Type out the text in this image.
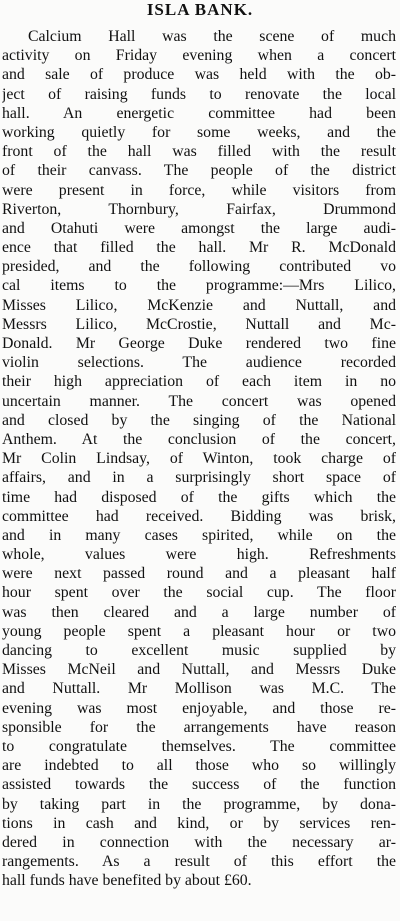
ISLA BANK.
Calcium Hall was the scene of much
activity on Friday evening when a concert
and sale of produce was held with the ob-
ject of raising funds to renovate the local
hall. An energetic committee had been
working quietly for some weeks, and the
front of the hall was filled with the result
of their canvass. The people of the district
were present in force, while visitors from
Riverton, Thornbury, Fairfax, Drummond
and Otahuti were amongst the large audi-
ence that filled the hall. Mr R. McDonald
presided, and the following contributed vo
cal items to the programme:—Mrs Lilico,
Misses Lilico, McKenzie and Nuttall, and
Messrs Lilico, McCrostie, Nuttall and Mc-
Donald. Mr George Duke rendered two fine
violin selections. The audience recorded
their high appreciation of each item in no
uncertain manner. The concert was opened
and closed by the singing of the National
Anthem. At the conclusion of the concert,
Mr Colin Lindsay, of Winton, took charge of
affairs, and in a surprisingly short space of
time had disposed of the gifts which the
committee had received. Bidding was brisk,
and in many cases spirited, while on the
whole, values were high. Refreshments
were next passed round and a pleasant half
hour spent over the social cup. The floor
was then cleared and a large number of
young people spent a pleasant hour or two
dancing to excellent music supplied by
Misses McNeil and Nuttall, and Messrs Duke
and Nuttall. Mr Mollison was M.C. The
evening was most enjoyable, and those re-
sponsible for the arrangements have reason
to congratulate themselves. The committee
are indebted to all those who so willingly
assisted towards the success of the function
by taking part in the programme, by dona-
tions in cash and kind, or by services ren-
dered in connection with the necessary ar-
rangements. As a result of this effort the
hall funds have benefited by about £60.
